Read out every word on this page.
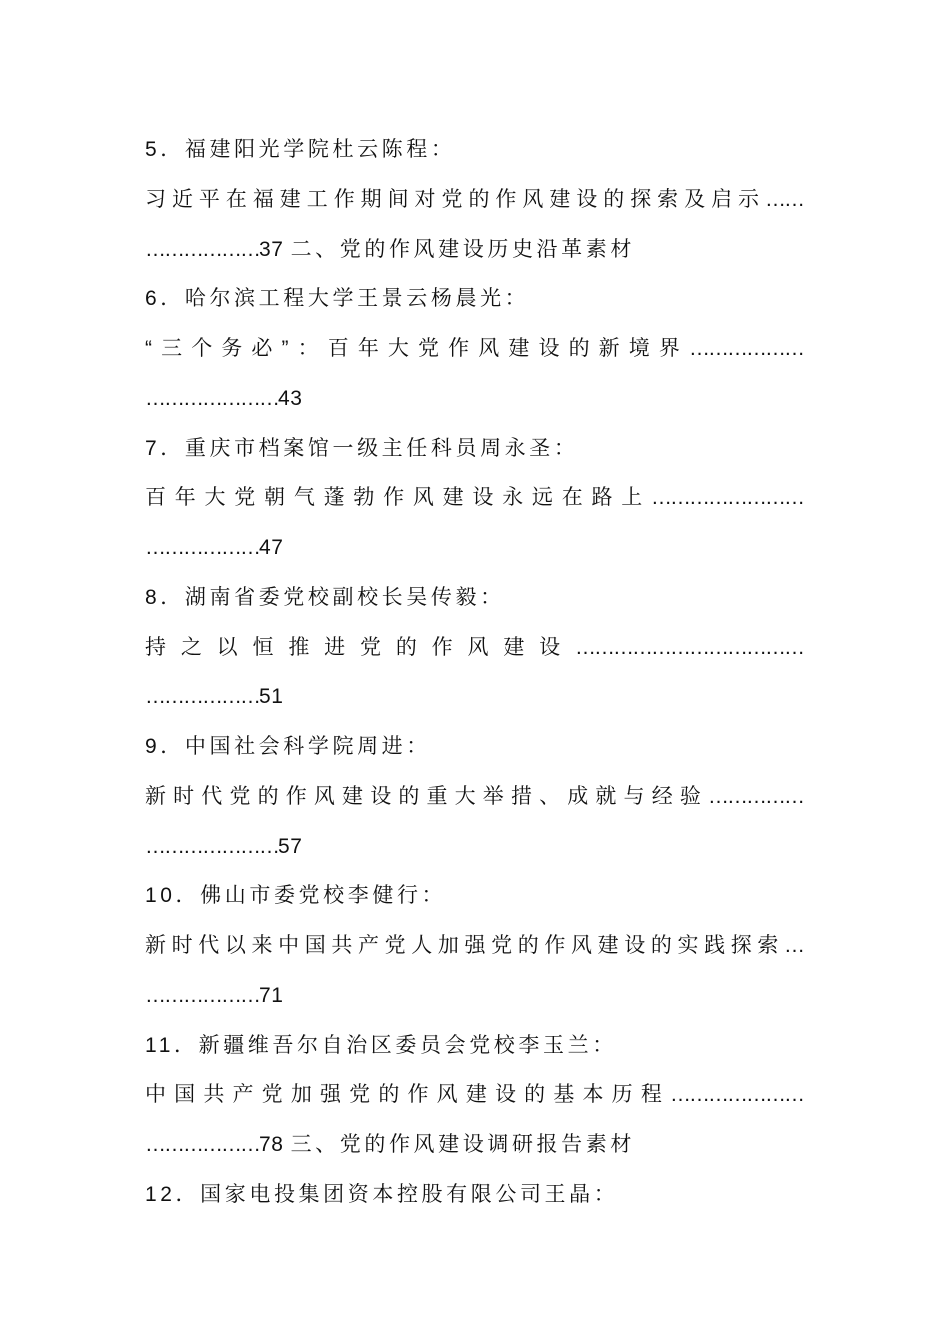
5．福建阳光学院杜云陈程：
习近平在福建工作期间对党的作风建设的探索及启示……
………………37 二、党的作风建设历史沿革素材
6．哈尔滨工程大学王景云杨晨光：
“三个务必”：百年大党作风建设的新境界………………
…………………43
7．重庆市档案馆一级主任科员周永圣：
百年大党朝气蓬勃作风建设永远在路上……………………
………………47
8．湖南省委党校副校长吴传毅：
持之以恒推进党的作风建设………………………………
………………51
9．中国社会科学院周进：
新时代党的作风建设的重大举措、成就与经验……………
…………………57
10．佛山市委党校李健行：
新时代以来中国共产党人加强党的作风建设的实践探索…
………………71
11．新疆维吾尔自治区委员会党校李玉兰：
中国共产党加强党的作风建设的基本历程…………………
………………78 三、党的作风建设调研报告素材
12．国家电投集团资本控股有限公司王晶：
